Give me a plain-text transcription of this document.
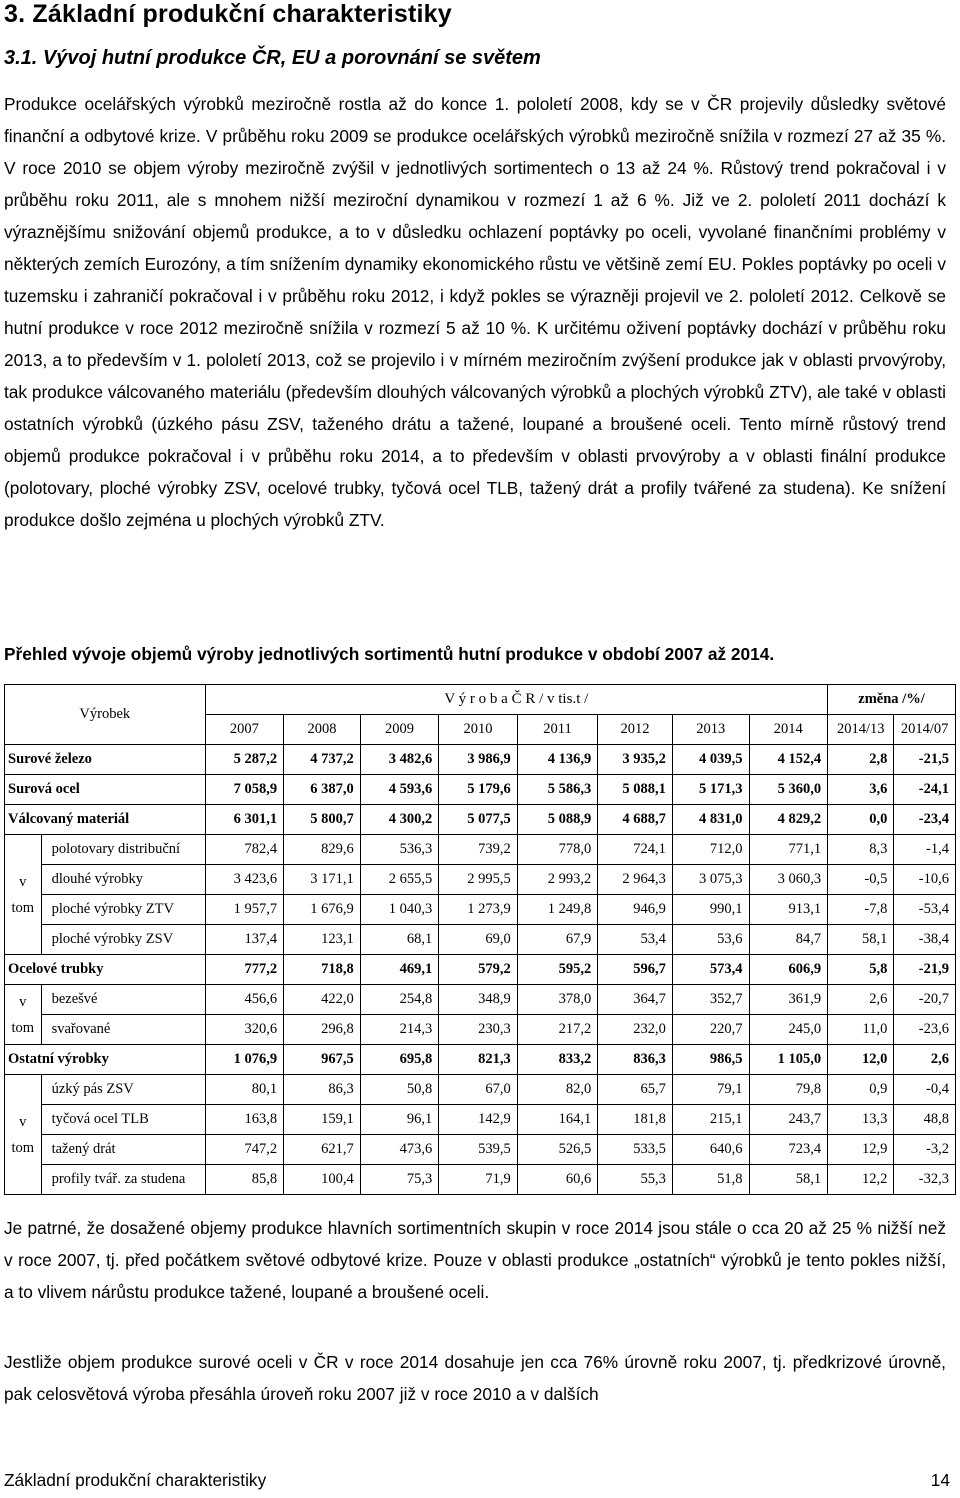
3. Základní produkční charakteristiky
3.1. Vývoj hutní produkce ČR, EU a porovnání se světem

Produkce ocelářských výrobků meziročně rostla až do konce 1. pololetí 2008, kdy se v ČR projevily důsledky světové finanční a odbytové krize. V průběhu roku 2009 se produkce ocelářských výrobků meziročně snížila v rozmezí 27 až 35 %. V roce 2010 se objem výroby meziročně zvýšil v jednotlivých sortimentech o 13 až 24 %. Růstový trend pokračoval i v průběhu roku 2011, ale s mnohem nižší meziroční dynamikou v rozmezí 1 až 6 %. Již ve 2. pololetí 2011 dochází k výraznějšímu snižování objemů produkce, a to v důsledku ochlazení poptávky po oceli, vyvolané finančními problémy v některých zemích Eurozóny, a tím snížením dynamiky ekonomického růstu ve většině zemí EU. Pokles poptávky po oceli v tuzemsku i zahraničí pokračoval i v průběhu roku 2012, i když pokles se výrazněji projevil ve 2. pololetí 2012. Celkově se hutní produkce v roce 2012 meziročně snížila v rozmezí 5 až 10 %. K určitému oživení poptávky dochází v průběhu roku 2013, a to především v 1. pololetí 2013, což se projevilo i v mírném meziročním zvýšení produkce jak v oblasti prvovýroby, tak produkce válcovaného materiálu (především dlouhých válcovaných výrobků a plochých výrobků ZTV), ale také v oblasti ostatních výrobků (úzkého pásu ZSV, taženého drátu a tažené, loupané a broušené oceli. Tento mírně růstový trend objemů produkce pokračoval i v průběhu roku 2014, a to především v oblasti prvovýroby a v oblasti finální produkce (polotovary, ploché výrobky ZSV, ocelové trubky, tyčová ocel TLB, tažený drát a profily tvářené za studena). Ke snížení produkce došlo zejména u plochých výrobků ZTV.

Přehled vývoje objemů výroby jednotlivých sortimentů hutní produkce v období 2007 až 2014.

Výrobek		V ý r o b a Č R / v tis.t /								změna /%/	
		2007	2008	2009	2010	2011	2012	2013	2014	2014/13	2014/07
Surové železo		5 287,2	4 737,2	3 482,6	3 986,9	4 136,9	3 935,2	4 039,5	4 152,4	2,8	-21,5
Surová ocel		7 058,9	6 387,0	4 593,6	5 179,6	5 586,3	5 088,1	5 171,3	5 360,0	3,6	-24,1
Válcovaný materiál		6 301,1	5 800,7	4 300,2	5 077,5	5 088,9	4 688,7	4 831,0	4 829,2	0,0	-23,4
v
tom	polotovary distribuční	782,4	829,6	536,3	739,2	778,0	724,1	712,0	771,1	8,3	-1,4
	dlouhé výrobky	3 423,6	3 171,1	2 655,5	2 995,5	2 993,2	2 964,3	3 075,3	3 060,3	-0,5	-10,6
	ploché výrobky ZTV	1 957,7	1 676,9	1 040,3	1 273,9	1 249,8	946,9	990,1	913,1	-7,8	-53,4
	ploché výrobky ZSV	137,4	123,1	68,1	69,0	67,9	53,4	53,6	84,7	58,1	-38,4
Ocelové trubky		777,2	718,8	469,1	579,2	595,2	596,7	573,4	606,9	5,8	-21,9
v
tom	bezešvé	456,6	422,0	254,8	348,9	378,0	364,7	352,7	361,9	2,6	-20,7
	svařované	320,6	296,8	214,3	230,3	217,2	232,0	220,7	245,0	11,0	-23,6
Ostatní výrobky		1 076,9	967,5	695,8	821,3	833,2	836,3	986,5	1 105,0	12,0	2,6
v
tom	úzký pás ZSV	80,1	86,3	50,8	67,0	82,0	65,7	79,1	79,8	0,9	-0,4
	tyčová ocel TLB	163,8	159,1	96,1	142,9	164,1	181,8	215,1	243,7	13,3	48,8
	tažený drát	747,2	621,7	473,6	539,5	526,5	533,5	640,6	723,4	12,9	-3,2
	profily tvář. za studena	85,8	100,4	75,3	71,9	60,6	55,3	51,8	58,1	12,2	-32,3

Je patrné, že dosažené objemy produkce hlavních sortimentních skupin v roce 2014 jsou stále o cca 20 až 25 % nižší než v roce 2007, tj. před počátkem světové odbytové krize. Pouze v oblasti produkce „ostatních“ výrobků je tento pokles nižší, a to vlivem nárůstu produkce tažené, loupané a broušené oceli.

Jestliže objem produkce surové oceli v ČR v roce 2014 dosahuje jen cca 76% úrovně roku 2007, tj. předkrizové úrovně, pak celosvětová výroba přesáhla úroveň roku 2007 již v roce 2010 a v dalších

Základní produkční charakteristiky	14
